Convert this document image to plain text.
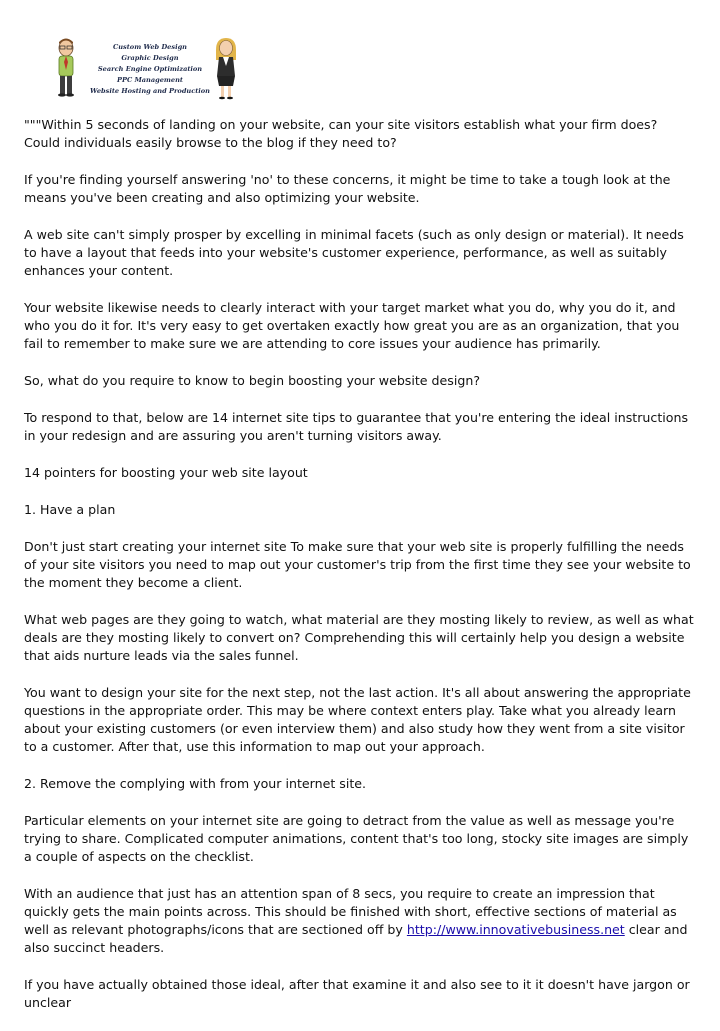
Custom Web Design
Graphic Design
Search Engine Optimization
PPC Management
Website Hosting and Production

"""Within 5 seconds of landing on your website, can your site visitors establish what your firm does? Could individuals easily browse to the blog if they need to?

If you're finding yourself answering 'no' to these concerns, it might be time to take a tough look at the means you've been creating and also optimizing your website.

A web site can't simply prosper by excelling in minimal facets (such as only design or material). It needs to have a layout that feeds into your website's customer experience, performance, as well as suitably enhances your content.

Your website likewise needs to clearly interact with your target market what you do, why you do it, and who you do it for. It's very easy to get overtaken exactly how great you are as an organization, that you fail to remember to make sure we are attending to core issues your audience has primarily.

So, what do you require to know to begin boosting your website design?

To respond to that, below are 14 internet site tips to guarantee that you're entering the ideal instructions in your redesign and are assuring you aren't turning visitors away.

14 pointers for boosting your web site layout

1. Have a plan

Don't just start creating your internet site To make sure that your web site is properly fulfilling the needs of your site visitors you need to map out your customer's trip from the first time they see your website to the moment they become a client.

What web pages are they going to watch, what material are they mosting likely to review, as well as what deals are they mosting likely to convert on? Comprehending this will certainly help you design a website that aids nurture leads via the sales funnel.

You want to design your site for the next step, not the last action. It's all about answering the appropriate questions in the appropriate order. This may be where context enters play. Take what you already learn about your existing customers (or even interview them) and also study how they went from a site visitor to a customer. After that, use this information to map out your approach.

2. Remove the complying with from your internet site.

Particular elements on your internet site are going to detract from the value as well as message you're trying to share. Complicated computer animations, content that's too long, stocky site images are simply a couple of aspects on the checklist.

With an audience that just has an attention span of 8 secs, you require to create an impression that quickly gets the main points across. This should be finished with short, effective sections of material as well as relevant photographs/icons that are sectioned off by http://www.innovativebusiness.net clear and also succinct headers.

If you have actually obtained those ideal, after that examine it and also see to it it doesn't have jargon or unclear
